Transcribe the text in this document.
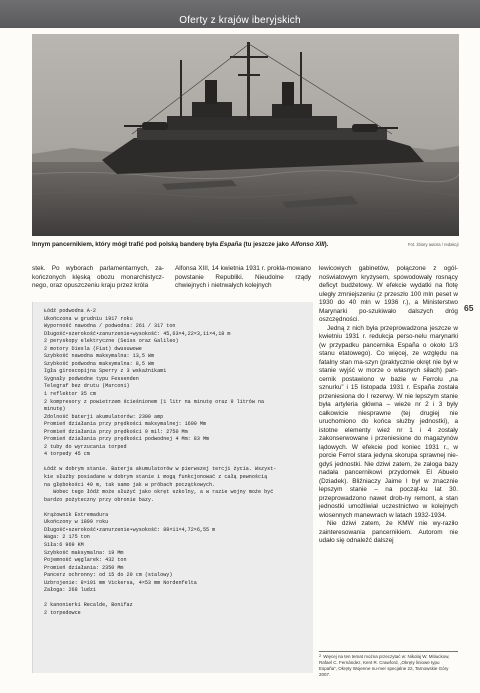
Oferty z krajów iberyjskich
Innym pancernikiem, który mógł trafić pod polską banderę była España (tu jeszcze jako Alfonso XIII).	Fot. zbiory autora / redakcji
stek. Po wyborach parlamentarnych, za-kończonych klęską obozu monarchistycz-nego, oraz opuszczeniu kraju przez króla
Alfonsa XIII, 14 kwietnia 1931 r. prokla-mowano powstanie Republiki. Nieudolne rządy chwiejnych i nietrwałych kolejnych

lewicowych gabinetów, połączone z ogól-noświatowym kryzysem, spowodowały rosnący deficyt budżetowy. W efekcie wydatki na flotę uległy zmniejszeniu (z przeszło 100 mln peset w 1930 do 40 mln w 1936 r.), a Ministerstwo Marynarki po-szukiwało dalszych dróg oszczędności.

Jedną z nich była przeprowadzona jeszcze w kwietniu 1931 r. redukcja perso-nelu marynarki (w przypadku pancernika España o około 1/3 stanu etatowego). Co więcej, ze względu na fatalny stan ma-szyn (praktycznie okręt nie był w stanie wyjść w morze o własnych siłach) pan-cernik postawiono w bazie w Ferrolu „na sznurku” i 15 listopada 1931 r. España została przeniesiona do I rezerwy. W nie lepszym stanie była artyleria główna – wieże nr 2 i 3 były całkowicie niesprawne (tej drugiej nie uruchomiono do końca służby jednostki), a istotne elementy wież nr 1 i 4 zostały zakonserwowane i przeniesione do magazynów lądowych. W efekcie pod koniec 1931 r., w porcie Ferrol stara jedyna skorupa sprawnej nie-gdyś jednostki. Nie dziwi zatem, że zaloga bazy nadała pancernikowi przydomek El Abuelo (Dziadek). Bliźniaczy Jaime I był w znacznie lepszym stanie – na począt-ku lat 30. przeprowadzono nawet drob-ny remont, a stan jednostki umożliwiał uczestnictwo w kolejnych wiosennych manewrach w latach 1932-1934.

Nie dziwi zatem, że KMW nie wy-raziło zainteresowania pancernikiem. Autorom nie udało się odnaleźć dalszej

65
Łódź podwodna A-2
Ukończona w grudniu 1917 roku
Wyporność nawodna / podwodna: 261 / 317 ton
Długość•szerokość•zanurzenie•wysokość: 45,63×4,22×3,11×4,18 m
2 peryskopy elektryczne (Seiss oraz Galileo)
2 motory Diesla (Fiat) dwusuwowe
Szybkość nawodna maksymalna: 13,5 Wm
Szybkość podwodna maksymalna: 8,5 Wm
Igła giroscopijna Sperry z 3 wskaźnikami
Sygnały podwodne typu Fessenden
Telegraf bez drutu (Marconi)
1 reflektor 35 cm
2 kompresory z powietrzem ścieśnionem (1 litr na minutę oraz 9 litrów na
minutę)
Zdolność baterji akumulatorów: 2300 amp
Promień działania przy prędkości maksymalnej: 1600 Mm
Promień działania przy prędkości 9 mil: 2750 Mm
Promień działania przy prędkości podwodnej 4 Mm: 83 Mm
2 tuby do wyrzucania torped
4 torpedy 45 cm
Łódź w dobrym stanie. Baterja akumulatorów w pierwszej tercji życia. Wszyst-
kie służby posiadane w dobrym stanie i mogą funkcjonować z całą pewnością
na głębokości 40 m, tak samo jak w próbach początkowych.
Wobec tego łódź może służyć jako okręt szkolny, a w razie wojny może być
bardzo pożyteczny przy obronie bazy.
Krążownik Extremadura
Ukończony w 1899 roku
Długość•szerokość•zanurzenie•wysokość: 88×11×4,72×6,55 m
Waga: 2 175 ton
Siła:6 969 KM
Szybkość maksymalna: 19 Mm
Pojemność węglarek: 432 ton
Promień działania: 2350 Mm
Pancerz ochronny: od 15 do 20 cm (stalowy)
Uzbrojenie: 8×101 mm Vickersa, 4×53 mm Nordenfelta
Załoga: 268 ludzi
2 kanonierki Recalde, Bonifaz
2 torpedowce
2 Więcej na ten temat można przeczytać w: Nikolaj W. Mitiuckow, Rafael C. Fernández, Kent R. Crawford, „Okręty liniowe typu España”, Okręty Wojenne nu-mer specjalne 22, Tarnowskie Góry 2007.
